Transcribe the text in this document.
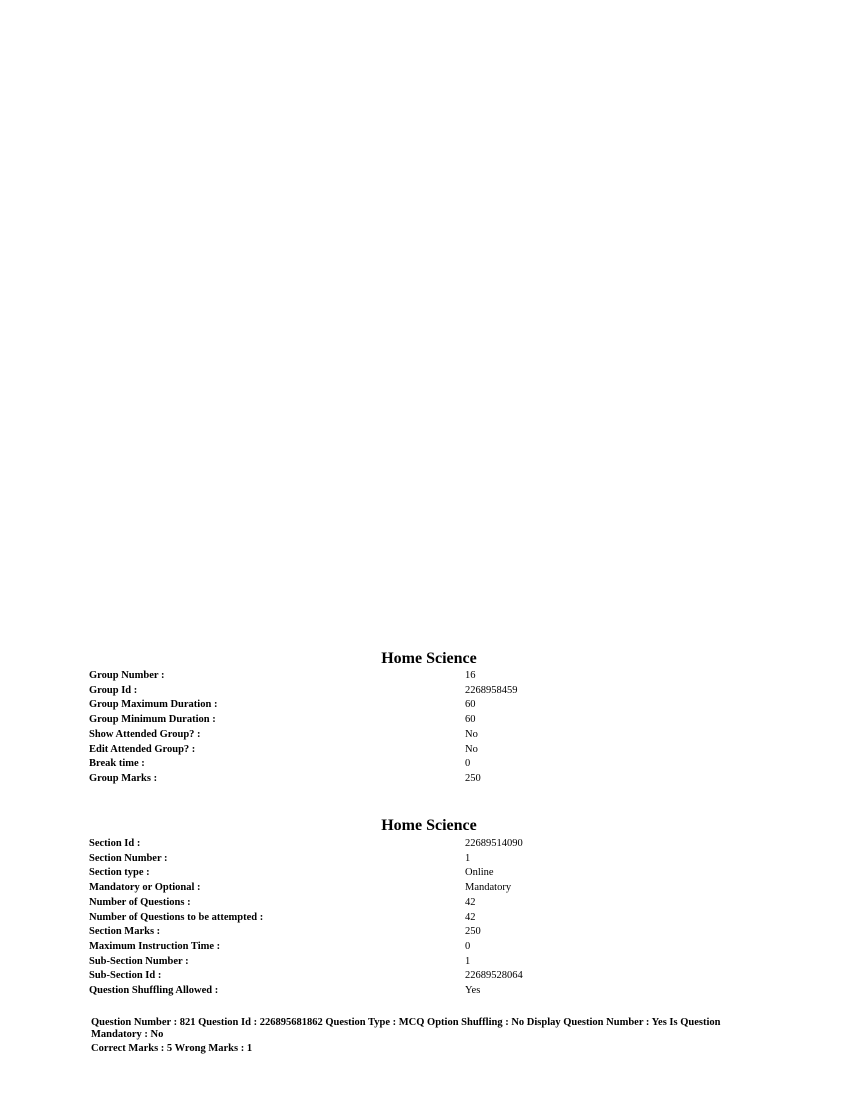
Home Science
Group Number :	16
Group Id :	2268958459
Group Maximum Duration :	60
Group Minimum Duration :	60
Show Attended Group? :	No
Edit Attended Group? :	No
Break time :	0
Group Marks :	250
Home Science
Section Id :	22689514090
Section Number :	1
Section type :	Online
Mandatory or Optional :	Mandatory
Number of Questions :	42
Number of Questions to be attempted :	42
Section Marks :	250
Maximum Instruction Time :	0
Sub-Section Number :	1
Sub-Section Id :	22689528064
Question Shuffling Allowed :	Yes
Question Number : 821 Question Id : 226895681862 Question Type : MCQ Option Shuffling : No Display Question Number : Yes Is Question Mandatory : No
Correct Marks : 5 Wrong Marks : 1
